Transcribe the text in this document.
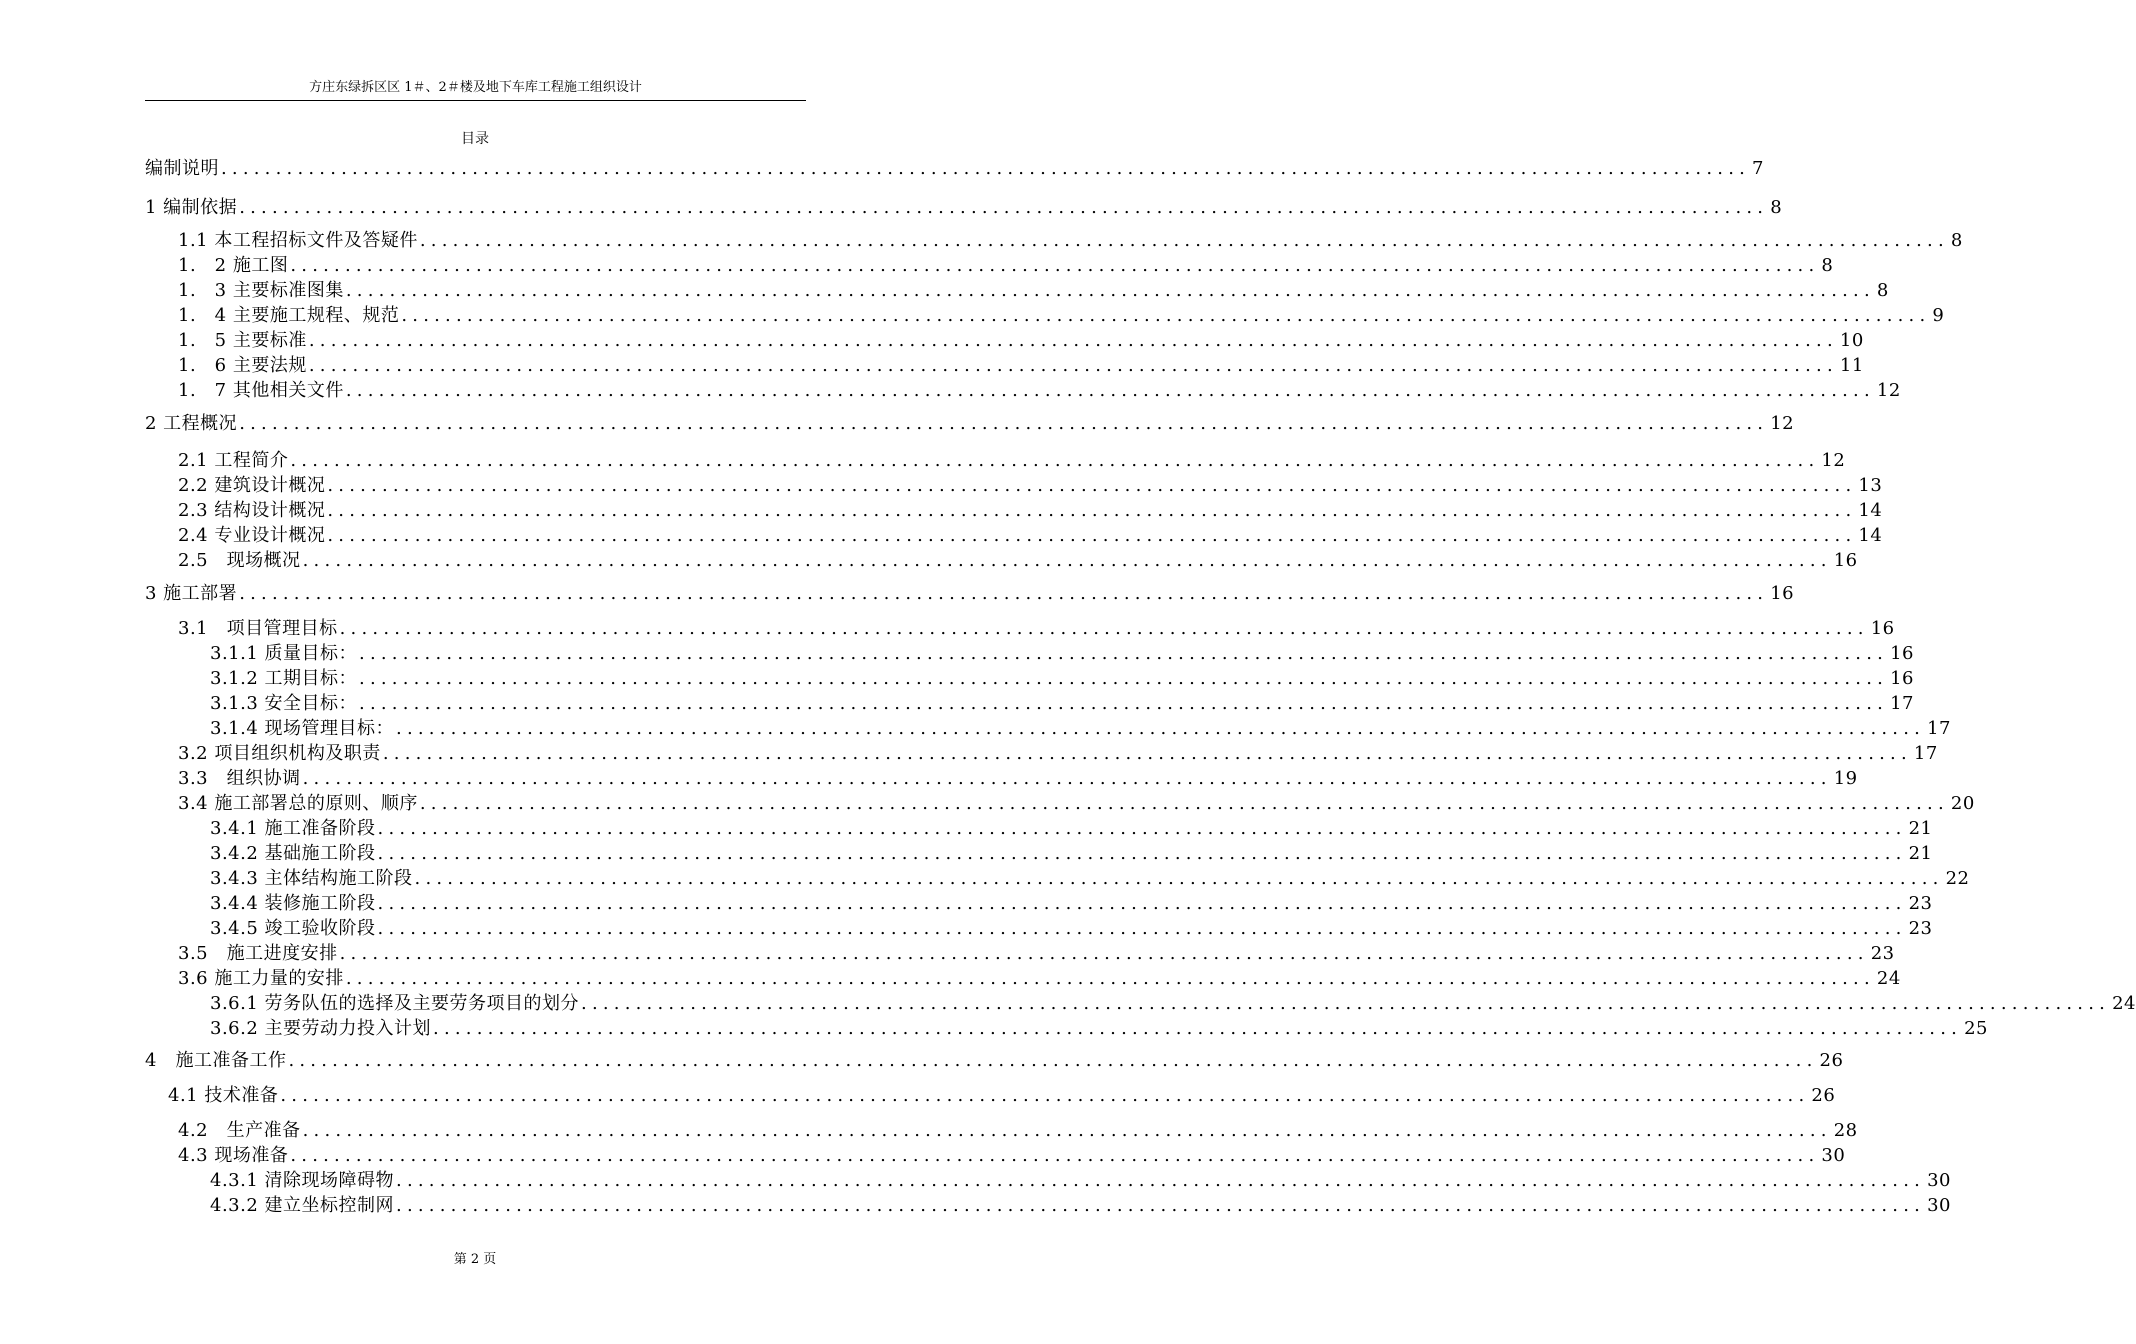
方庄东绿拆区区 1＃、2＃楼及地下车库工程施工组织设计
目录
编制说明 ............................................................................................................................................ 7
1 编制依据 ............................................................................................................................................ 8
1.1 本工程招标文件及答疑件 ............................................................................................................................................ 8
1.　2 施工图 ............................................................................................................................................ 8
1.　3 主要标准图集 ............................................................................................................................................ 8
1.　4 主要施工规程、规范 ............................................................................................................................................ 9
1.　5 主要标准 ............................................................................................................................................ 10
1.　6 主要法规 ............................................................................................................................................ 11
1.　7 其他相关文件 ............................................................................................................................................ 12
2 工程概况 ............................................................................................................................................ 12
2.1 工程简介 ............................................................................................................................................ 12
2.2 建筑设计概况 ............................................................................................................................................ 13
2.3 结构设计概况 ............................................................................................................................................ 14
2.4 专业设计概况 ............................................................................................................................................ 14
2.5　现场概况 ............................................................................................................................................ 16
3 施工部署 ............................................................................................................................................ 16
3.1　项目管理目标 ............................................................................................................................................ 16
3.1.1 质量目标： ............................................................................................................................................ 16
3.1.2 工期目标： ............................................................................................................................................ 16
3.1.3 安全目标： ............................................................................................................................................ 17
3.1.4 现场管理目标： ............................................................................................................................................ 17
3.2 项目组织机构及职责 ............................................................................................................................................ 17
3.3　组织协调 ............................................................................................................................................ 19
3.4 施工部署总的原则、顺序 ............................................................................................................................................ 20
3.4.1 施工准备阶段 ............................................................................................................................................ 21
3.4.2 基础施工阶段 ............................................................................................................................................ 21
3.4.3 主体结构施工阶段 ............................................................................................................................................ 22
3.4.4 装修施工阶段 ............................................................................................................................................ 23
3.4.5 竣工验收阶段 ............................................................................................................................................ 23
3.5　施工进度安排 ............................................................................................................................................ 23
3.6 施工力量的安排 ............................................................................................................................................ 24
3.6.1 劳务队伍的选择及主要劳务项目的划分 ............................................................................................................................................ 24
3.6.2 主要劳动力投入计划 ............................................................................................................................................ 25
4　施工准备工作 ............................................................................................................................................ 26
4.1 技术准备 ............................................................................................................................................ 26
4.2　生产准备 ............................................................................................................................................ 28
4.3 现场准备 ............................................................................................................................................ 30
4.3.1 清除现场障碍物 ............................................................................................................................................ 30
4.3.2 建立坐标控制网 ............................................................................................................................................ 30
第 2 页
